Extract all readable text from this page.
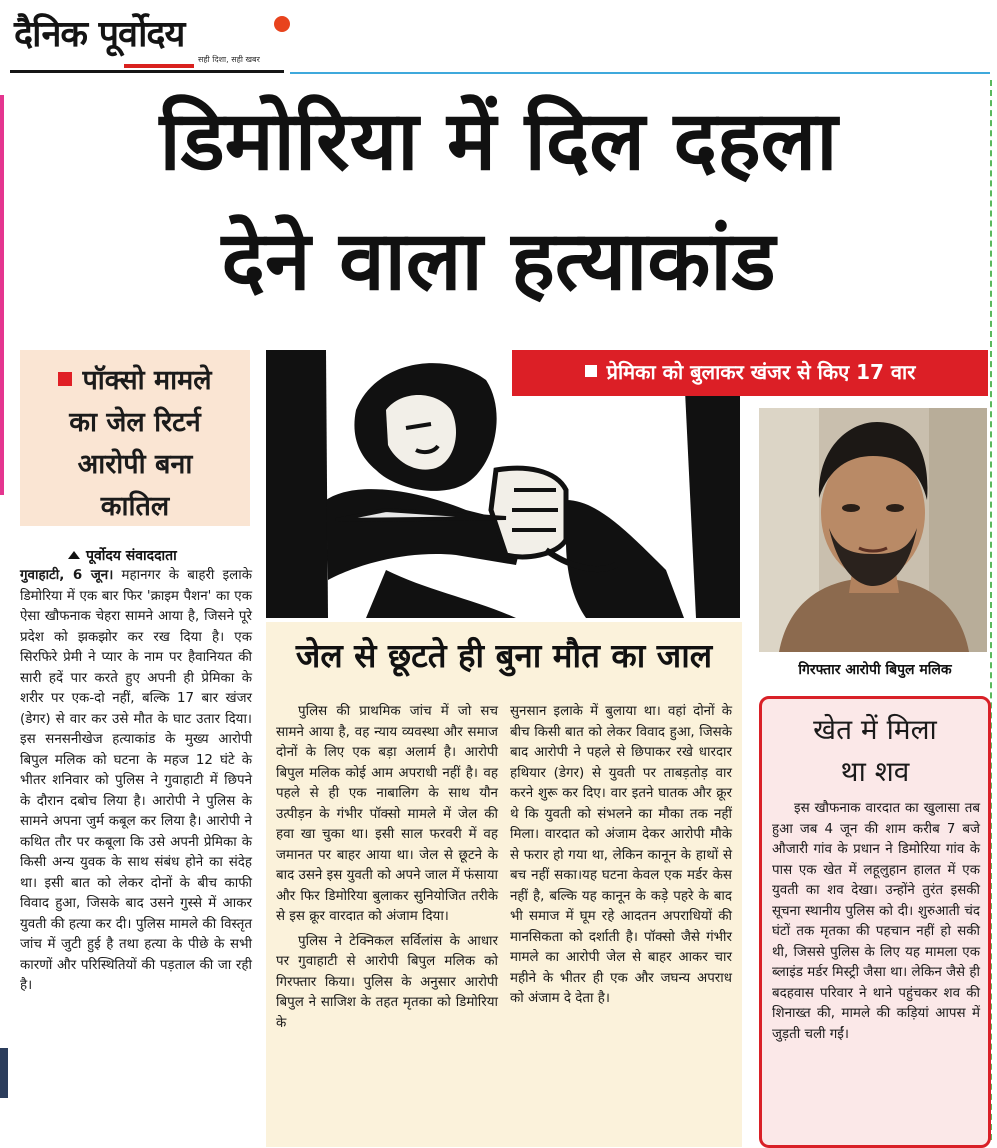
दैनिक पूर्वोदय
सही दिशा, सही खबर
डिमोरिया में दिल दहला
देने वाला हत्याकांड
पॉक्सो मामले
का जेल रिटर्न
आरोपी बना
कातिल
पूर्वोदय संवाददाता
गुवाहाटी, 6 जून। महानगर के बाहरी इलाके डिमोरिया में एक बार फिर 'क्राइम पैशन' का एक ऐसा खौफनाक चेहरा सामने आया है, जिसने पूरे प्रदेश को झकझोर कर रख दिया है। एक सिरफिरे प्रेमी ने प्यार के नाम पर हैवानियत की सारी हदें पार करते हुए अपनी ही प्रेमिका के शरीर पर एक-दो नहीं, बल्कि 17 बार खंजर (डेगर) से वार कर उसे मौत के घाट उतार दिया। इस सनसनीखेज हत्याकांड के मुख्य आरोपी बिपुल मलिक को घटना के महज 12 घंटे के भीतर शनिवार को पुलिस ने गुवाहाटी में छिपने के दौरान दबोच लिया है। आरोपी ने पुलिस के सामने अपना जुर्म कबूल कर लिया है। आरोपी ने कथित तौर पर कबूला कि उसे अपनी प्रेमिका के किसी अन्य युवक के साथ संबंध होने का संदेह था। इसी बात को लेकर दोनों के बीच काफी विवाद हुआ, जिसके बाद उसने गुस्से में आकर युवती की हत्या कर दी। पुलिस मामले की विस्तृत जांच में जुटी हुई है तथा हत्या के पीछे के सभी कारणों और परिस्थितियों की पड़ताल की जा रही है।
प्रेमिका को बुलाकर खंजर से किए 17 वार
गिरफ्तार आरोपी बिपुल मलिक
जेल से छूटते ही बुना मौत का जाल

पुलिस की प्राथमिक जांच में जो सच सामने आया है, वह न्याय व्यवस्था और समाज दोनों के लिए एक बड़ा अलार्म है। आरोपी बिपुल मलिक कोई आम अपराधी नहीं है। वह पहले से ही एक नाबालिग के साथ यौन उत्पीड़न के गंभीर पॉक्सो मामले में जेल की हवा खा चुका था। इसी साल फरवरी में वह जमानत पर बाहर आया था। जेल से छूटने के बाद उसने इस युवती को अपने जाल में फंसाया और फिर डिमोरिया बुलाकर सुनियोजित तरीके से इस क्रूर वारदात को अंजाम दिया।

पुलिस ने टेक्निकल सर्विलांस के आधार पर गुवाहाटी से आरोपी बिपुल मलिक को गिरफ्तार किया। पुलिस के अनुसार आरोपी बिपुल ने साजिश के तहत मृतका को डिमोरिया के

सुनसान इलाके में बुलाया था। वहां दोनों के बीच किसी बात को लेकर विवाद हुआ, जिसके बाद आरोपी ने पहले से छिपाकर रखे धारदार हथियार (डेगर) से युवती पर ताबड़तोड़ वार करने शुरू कर दिए। वार इतने घातक और क्रूर थे कि युवती को संभलने का मौका तक नहीं मिला। वारदात को अंजाम देकर आरोपी मौके से फरार हो गया था, लेकिन कानून के हाथों से बच नहीं सका।यह घटना केवल एक मर्डर केस नहीं है, बल्कि यह कानून के कड़े पहरे के बाद भी समाज में घूम रहे आदतन अपराधियों की मानसिकता को दर्शाती है। पॉक्सो जैसे गंभीर मामले का आरोपी जेल से बाहर आकर चार महीने के भीतर ही एक और जघन्य अपराध को अंजाम दे देता है।
खेत में मिला
था शव

इस खौफनाक वारदात का खुलासा तब हुआ जब 4 जून की शाम करीब 7 बजे औजारी गांव के प्रधान ने डिमोरिया गांव के पास एक खेत में लहूलुहान हालत में एक युवती का शव देखा। उन्होंने तुरंत इसकी सूचना स्थानीय पुलिस को दी। शुरुआती चंद घंटों तक मृतका की पहचान नहीं हो सकी थी, जिससे पुलिस के लिए यह मामला एक ब्लाइंड मर्डर मिस्ट्री जैसा था। लेकिन जैसे ही बदहवास परिवार ने थाने पहुंचकर शव की शिनाख्त की, मामले की कड़ियां आपस में जुड़ती चली गईं।
